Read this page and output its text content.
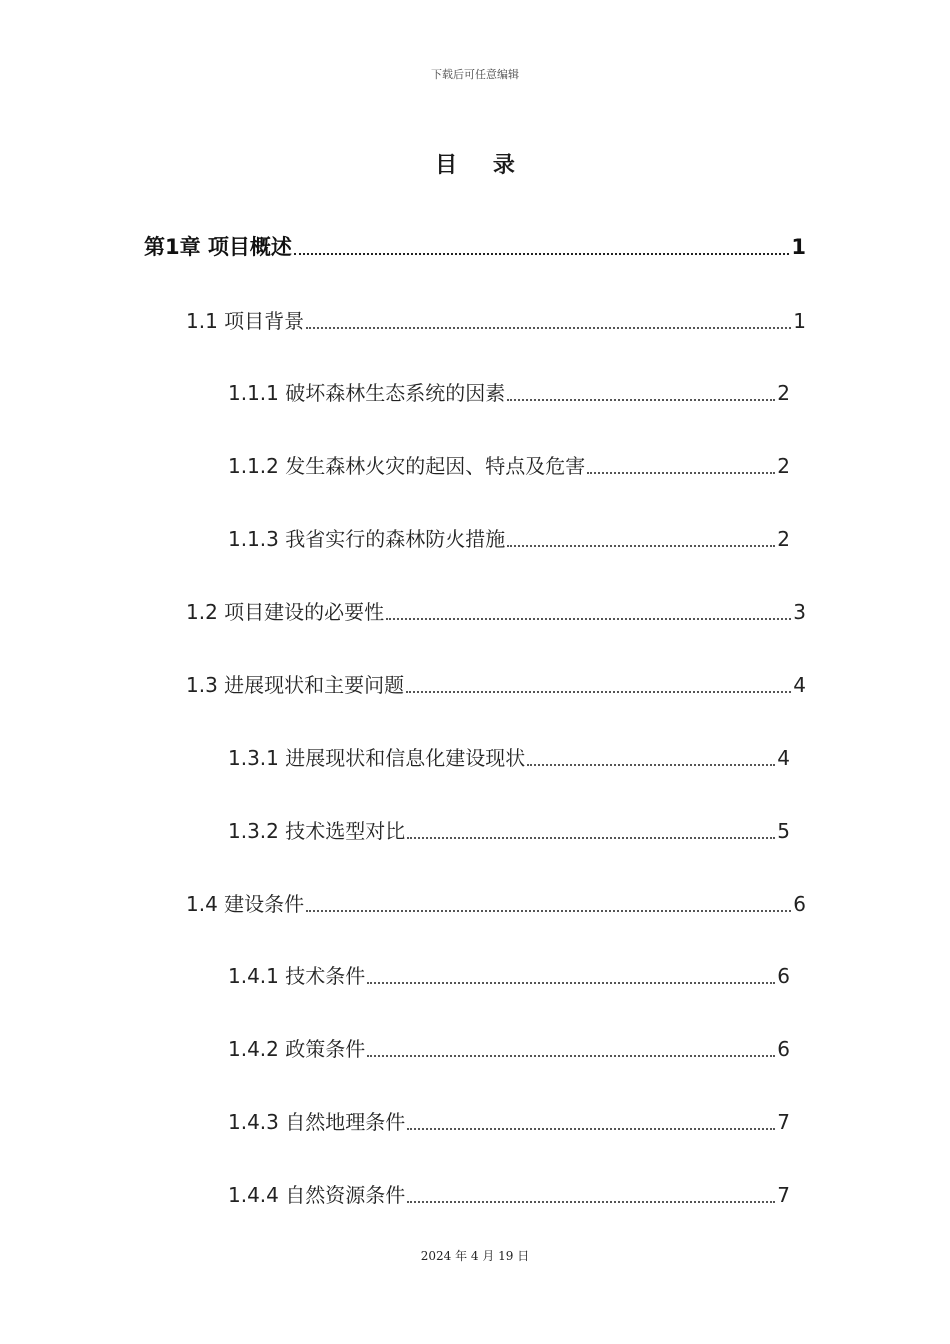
下载后可任意编辑
目 录
第1章 项目概述	1
1.1 项目背景	1
1.1.1 破坏森林生态系统的因素	2
1.1.2 发生森林火灾的起因、特点及危害	2
1.1.3 我省实行的森林防火措施	2
1.2 项目建设的必要性	3
1.3 进展现状和主要问题	4
1.3.1 进展现状和信息化建设现状	4
1.3.2 技术选型对比	5
1.4 建设条件	6
1.4.1 技术条件	6
1.4.2 政策条件	6
1.4.3 自然地理条件	7
1.4.4 自然资源条件	7
2024 年 4 月 19 日
